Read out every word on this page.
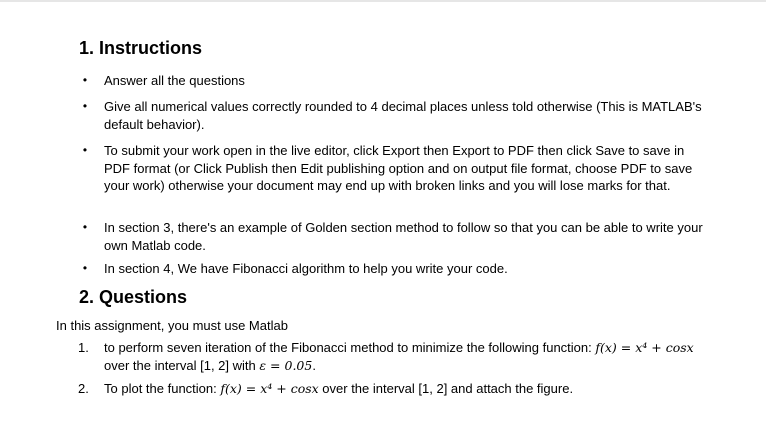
1. Instructions
•	Answer all the questions
•	Give all numerical values correctly rounded to 4 decimal places unless told otherwise (This is MATLAB's default behavior).
•	To submit your work open in the live editor, click Export then Export to PDF then click Save to save in PDF format (or Click Publish then Edit publishing option and on output file format, choose PDF to save your work) otherwise your document may end up with broken links and you will lose marks for that.
•	In section 3, there's an example of Golden section method to follow so that you can be able to write your own Matlab code.
•	In section 4, We have Fibonacci algorithm to help you write your code.
2. Questions
In this assignment, you must use Matlab
1. to perform seven iteration of the Fibonacci method to minimize the following function: f(x) = x⁴ + cosx over the interval [1, 2] with ε = 0.05.
2. To plot the function: f(x) = x⁴ + cosx over the interval [1, 2] and attach the figure.
